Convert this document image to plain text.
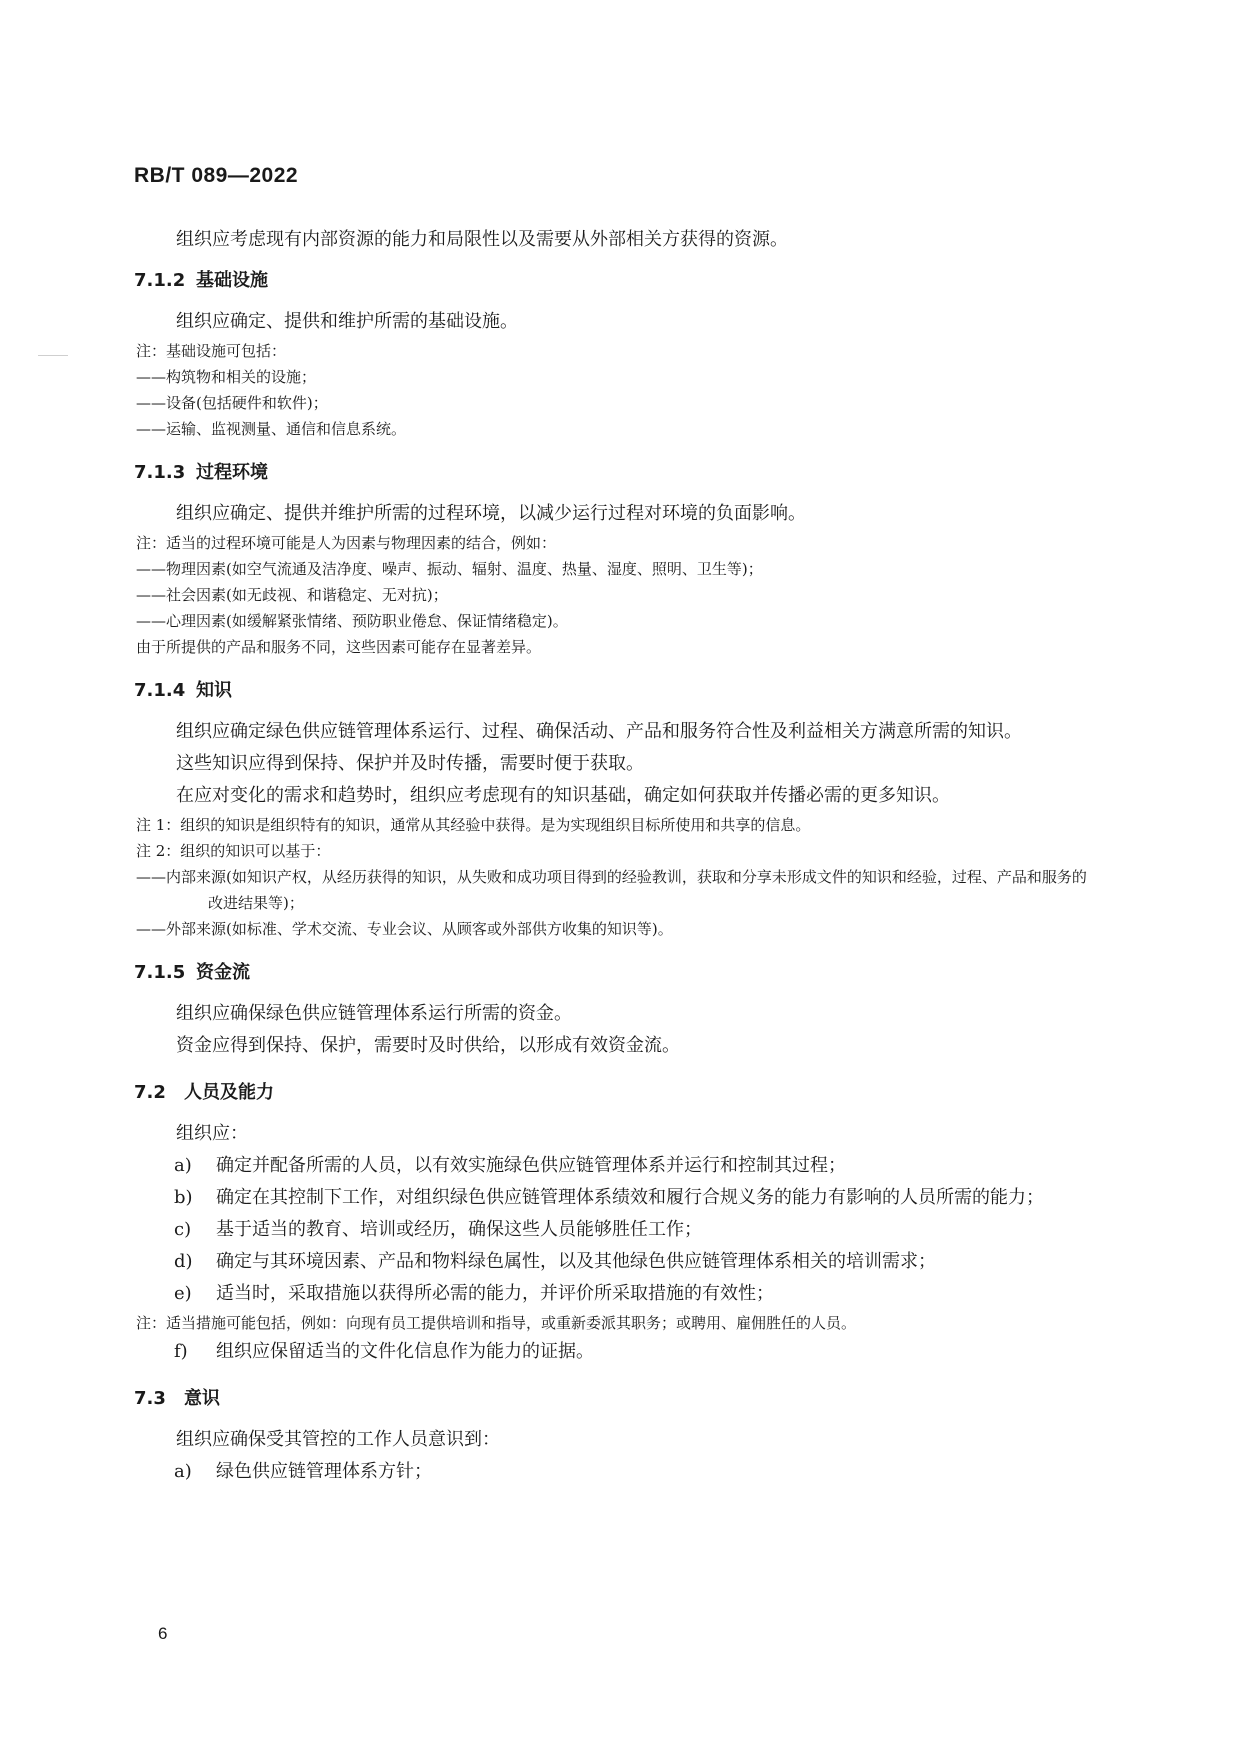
RB/T 089—2022

组织应考虑现有内部资源的能力和局限性以及需要从外部相关方获得的资源。

7.1.2 基础设施

组织应确定、提供和维护所需的基础设施。

注：基础设施可包括：

——构筑物和相关的设施；

——设备(包括硬件和软件)；

——运输、监视测量、通信和信息系统。

7.1.3 过程环境

组织应确定、提供并维护所需的过程环境，以减少运行过程对环境的负面影响。

注：适当的过程环境可能是人为因素与物理因素的结合，例如：

——物理因素(如空气流通及洁净度、噪声、振动、辐射、温度、热量、湿度、照明、卫生等)；

——社会因素(如无歧视、和谐稳定、无对抗)；

——心理因素(如缓解紧张情绪、预防职业倦怠、保证情绪稳定)。

由于所提供的产品和服务不同，这些因素可能存在显著差异。

7.1.4 知识

组织应确定绿色供应链管理体系运行、过程、确保活动、产品和服务符合性及利益相关方满意所需的知识。

这些知识应得到保持、保护并及时传播，需要时便于获取。

在应对变化的需求和趋势时，组织应考虑现有的知识基础，确定如何获取并传播必需的更多知识。

注 1：组织的知识是组织特有的知识，通常从其经验中获得。是为实现组织目标所使用和共享的信息。

注 2：组织的知识可以基于：

——内部来源(如知识产权，从经历获得的知识，从失败和成功项目得到的经验教训，获取和分享未形成文件的知识和经验，过程、产品和服务的改进结果等)；

——外部来源(如标准、学术交流、专业会议、从顾客或外部供方收集的知识等)。

7.1.5 资金流

组织应确保绿色供应链管理体系运行所需的资金。

资金应得到保持、保护，需要时及时供给，以形成有效资金流。

7.2 人员及能力

组织应：

a) 确定并配备所需的人员，以有效实施绿色供应链管理体系并运行和控制其过程；

b) 确定在其控制下工作，对组织绿色供应链管理体系绩效和履行合规义务的能力有影响的人员所需的能力；

c) 基于适当的教育、培训或经历，确保这些人员能够胜任工作；

d) 确定与其环境因素、产品和物料绿色属性，以及其他绿色供应链管理体系相关的培训需求；

e) 适当时，采取措施以获得所必需的能力，并评价所采取措施的有效性；

注：适当措施可能包括，例如：向现有员工提供培训和指导，或重新委派其职务；或聘用、雇佣胜任的人员。

f) 组织应保留适当的文件化信息作为能力的证据。

7.3 意识

组织应确保受其管控的工作人员意识到：

a) 绿色供应链管理体系方针；

6
